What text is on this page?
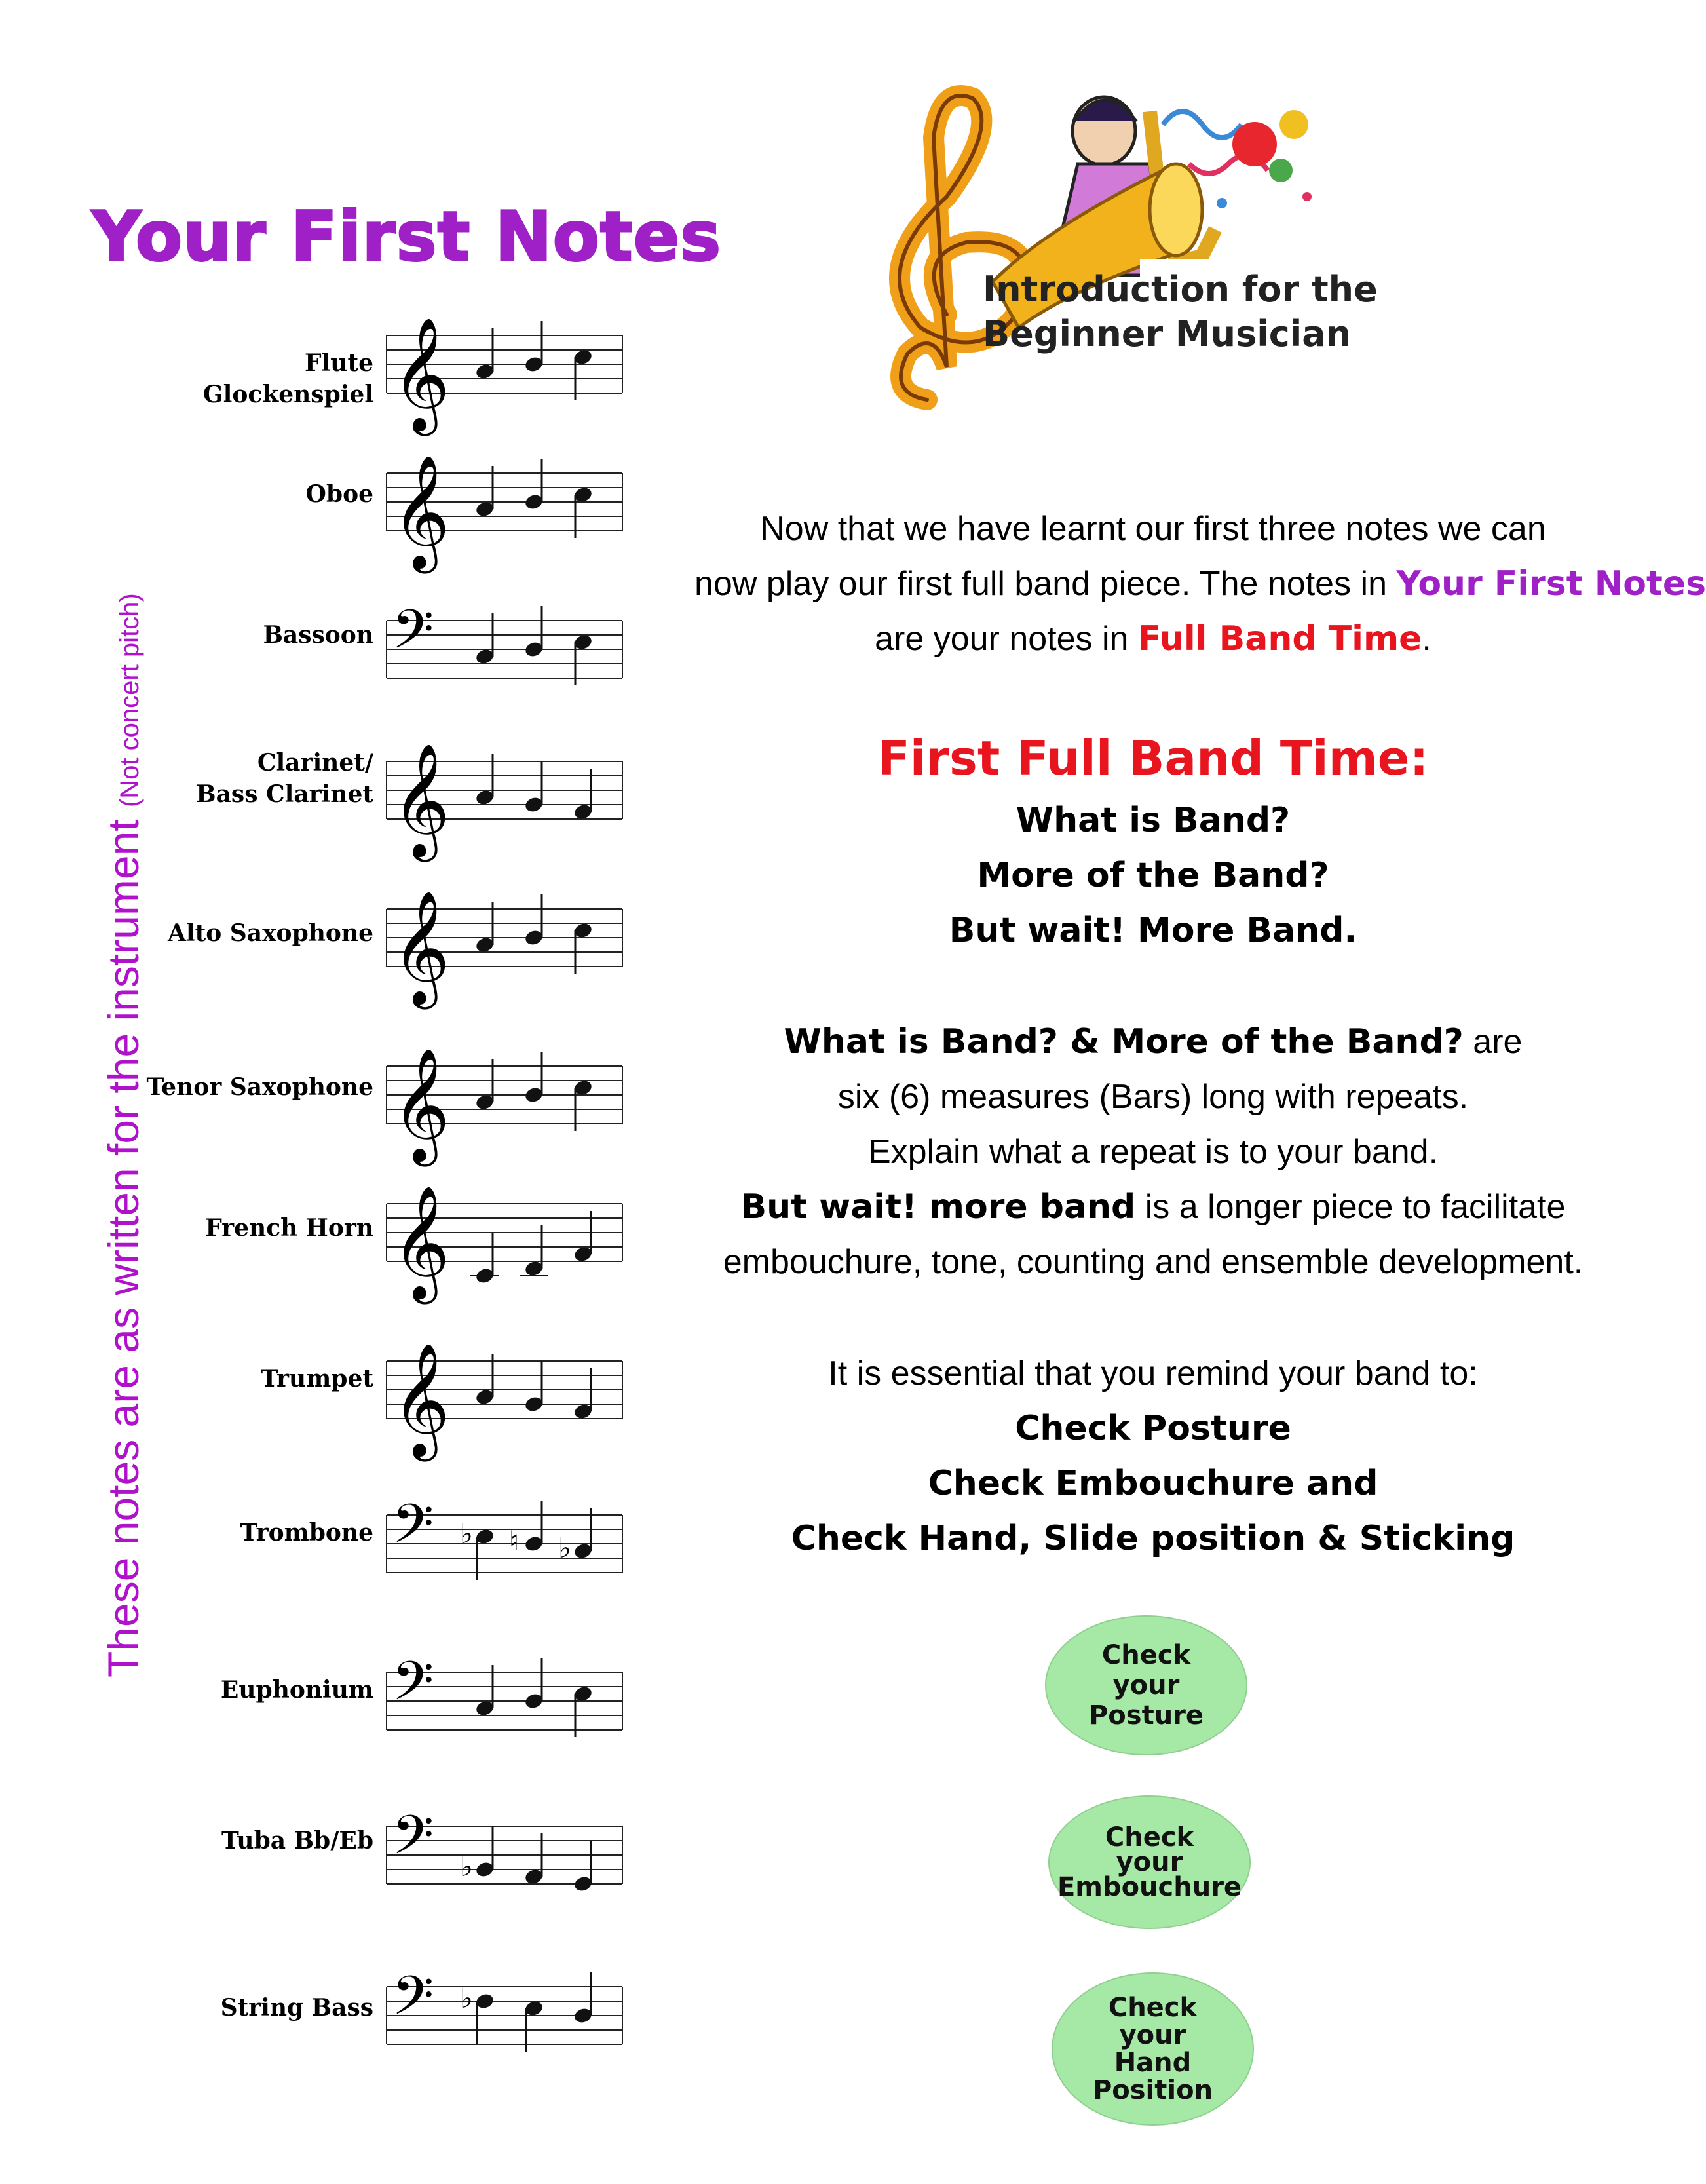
Your First Notes
These notes are as written for the instrument (Not concert pitch)
Flute
Glockenspiel
Oboe
Bassoon
Clarinet/
Bass Clarinet
Alto Saxophone
Tenor Saxophone
French Horn
Trumpet
Trombone
Euphonium
Tuba Bb/Eb
String Bass
𝄞
𝄞
𝄢
𝄞
𝄞
𝄞
𝄞
𝄞
𝄢 ♭ ♮ ♭
𝄢
𝄢 ♭
𝄢 ♭
Introduction for the
Beginner Musician
Now that we have learnt our first three notes we can
now play our first full band piece. The notes in Your First Notes
are your notes in Full Band Time.
First Full Band Time:
What is Band?
More of the Band?
But wait! More Band.
What is Band? & More of the Band? are
six (6) measures (Bars) long with repeats.
Explain what a repeat is to your band.
But wait! more band is a longer piece to facilitate
embouchure, tone, counting and ensemble development.
It is essential that you remind your band to:
Check Posture
Check Embouchure and
Check Hand, Slide position & Sticking
Check
your
Posture
Check
your
Embouchure
Check
your
Hand
Position
